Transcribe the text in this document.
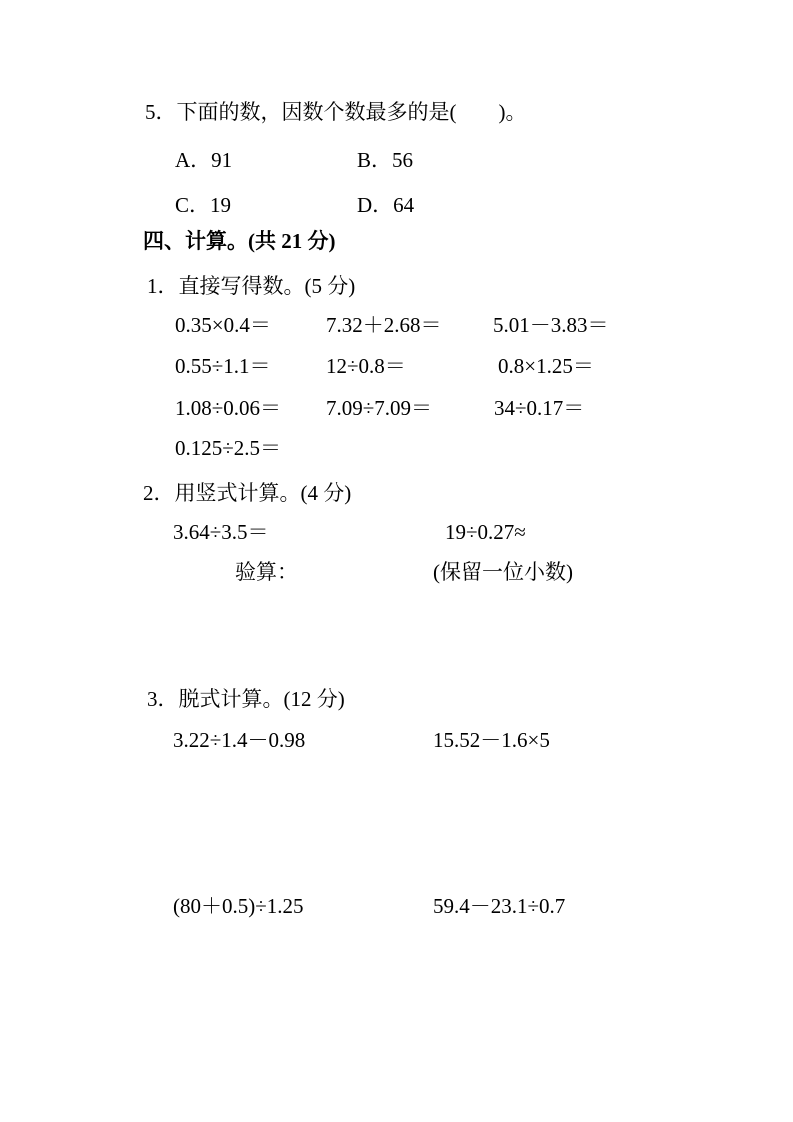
5．下面的数，因数个数最多的是(　　)。
A．91	B．56
C．19	D．64
四、计算。(共 21 分)
1．直接写得数。(5 分)
0.35×0.4＝	7.32＋2.68＝ 5.01－3.83＝
0.55÷1.1＝	12÷0.8＝	0.8×1.25＝
1.08÷0.06＝ 7.09÷7.09＝	34÷0.17＝
0.125÷2.5＝
2．用竖式计算。(4 分)
3.64÷3.5＝	19÷0.27≈
验算：	(保留一位小数)
3．脱式计算。(12 分)
3.22÷1.4－0.98	15.52－1.6×5
(80＋0.5)÷1.25	59.4－23.1÷0.7
